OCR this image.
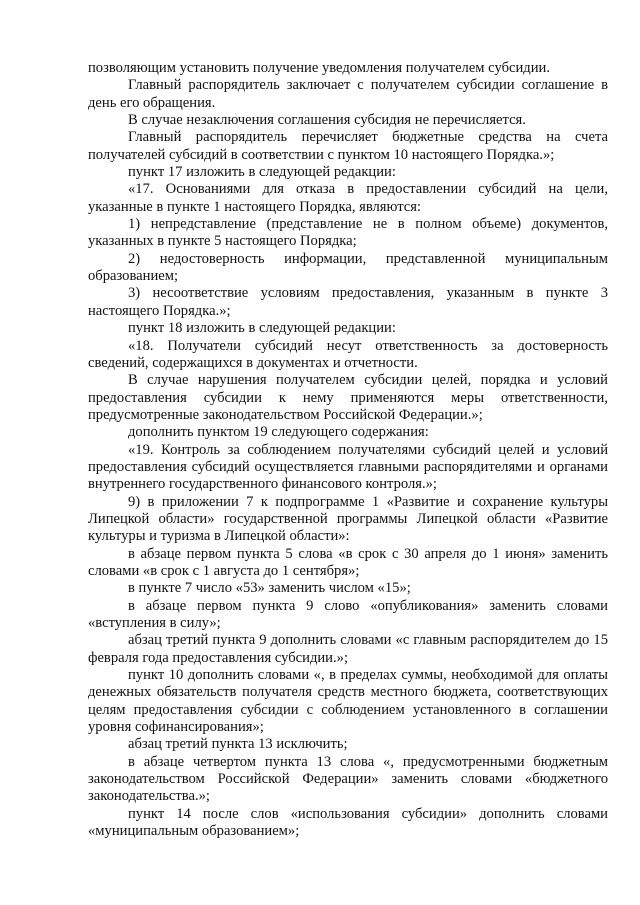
позволяющим установить получение уведомления получателем субсидии.

Главный распорядитель заключает с получателем субсидии соглашение в день его обращения.

В случае незаключения соглашения субсидия не перечисляется.

Главный распорядитель перечисляет бюджетные средства на счета получателей субсидий в соответствии с пунктом 10 настоящего Порядка.»;

пункт 17 изложить в следующей редакции:

«17. Основаниями для отказа в предоставлении субсидий на цели, указанные в пункте 1 настоящего Порядка, являются:

1) непредставление (представление не в полном объеме) документов, указанных в пункте 5 настоящего Порядка;

2) недостоверность информации, представленной муниципальным образованием;

3) несоответствие условиям предоставления, указанным в пункте 3 настоящего Порядка.»;

пункт 18 изложить в следующей редакции:

«18. Получатели субсидий несут ответственность за достоверность сведений, содержащихся в документах и отчетности.

В случае нарушения получателем субсидии целей, порядка и условий предоставления субсидии к нему применяются меры ответственности, предусмотренные законодательством Российской Федерации.»;

дополнить пунктом 19 следующего содержания:

«19. Контроль за соблюдением получателями субсидий целей и условий предоставления субсидий осуществляется главными распорядителями и органами внутреннего государственного финансового контроля.»;

9) в приложении 7 к подпрограмме 1 «Развитие и сохранение культуры Липецкой области» государственной программы Липецкой области «Развитие культуры и туризма в Липецкой области»:

в абзаце первом пункта 5 слова «в срок с 30 апреля до 1 июня» заменить словами «в срок с 1 августа до 1 сентября»;

в пункте 7 число «53» заменить числом «15»;

в абзаце первом пункта 9 слово «опубликования» заменить словами «вступления в силу»;

абзац третий пункта 9 дополнить словами «с главным распорядителем до 15 февраля года предоставления субсидии.»;

пункт 10 дополнить словами «, в пределах суммы, необходимой для оплаты денежных обязательств получателя средств местного бюджета, соответствующих целям предоставления субсидии с соблюдением установленного в соглашении уровня софинансирования»;

абзац третий пункта 13 исключить;

в абзаце четвертом пункта 13 слова «, предусмотренными бюджетным законодательством Российской Федерации» заменить словами «бюджетного законодательства.»;

пункт 14 после слов «использования субсидии» дополнить словами «муниципальным образованием»;
